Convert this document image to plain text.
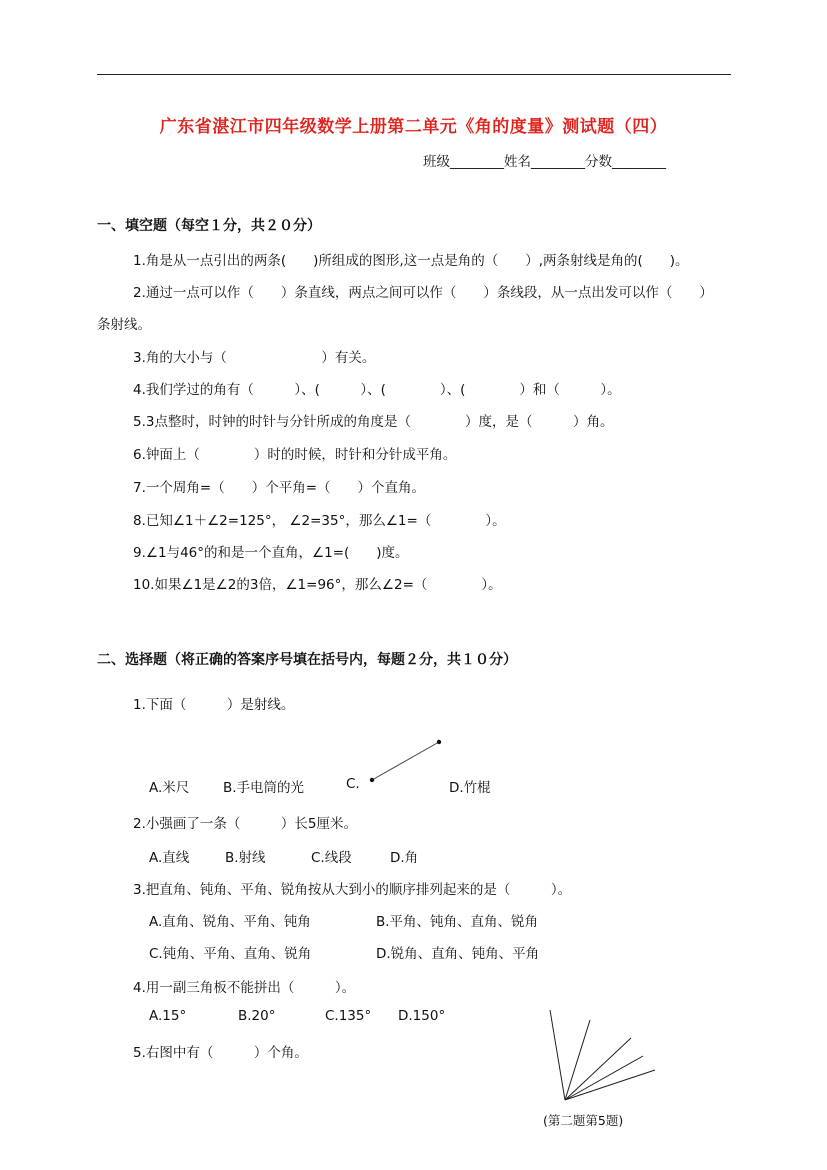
广东省湛江市四年级数学上册第二单元《角的度量》测试题（四）
班级________姓名________分数________
一、填空题（每空１分，共２０分）
1.角是从一点引出的两条(　　)所组成的图形,这一点是角的（　　）,两条射线是角的(　　)。
2.通过一点可以作（　　）条直线，两点之间可以作（　　）条线段，从一点出发可以作（　　）
条射线。
3.角的大小与（　　　　　　　）有关。
4.我们学过的角有（　　　）、(　　　）、(　　　　）、(　　　　）和（　　　）。
5.3点整时，时钟的时针与分针所成的角度是（　　　　）度，是（　　　）角。
6.钟面上（　　　　）时的时候，时针和分针成平角。
7.一个周角=（　　）个平角=（　　）个直角。
8.已知∠1＋∠2=125°， ∠2=35°，那么∠1=（　　　　）。
9.∠1与46°的和是一个直角，∠1=(　　)度。
10.如果∠1是∠2的3倍，∠1=96°，那么∠2=（　　　　）。
二、选择题（将正确的答案序号填在括号内，每题２分，共１０分）
1.下面（　　　）是射线。
A.米尺 B.手电筒的光	C.	D.竹棍
2.小强画了一条（　　　）长5厘米。
A.直线	B.射线	C.线段	D.角
3.把直角、钝角、平角、锐角按从大到小的顺序排列起来的是（　　　）。
A.直角、锐角、平角、钝角	B.平角、钝角、直角、锐角
C.钝角、平角、直角、锐角	D.锐角、直角、钝角、平角
4.用一副三角板不能拼出（　　　）。
A.15°	B.20°	C.135° D.150°
5.右图中有（　　　）个角。
(第二题第5题)
